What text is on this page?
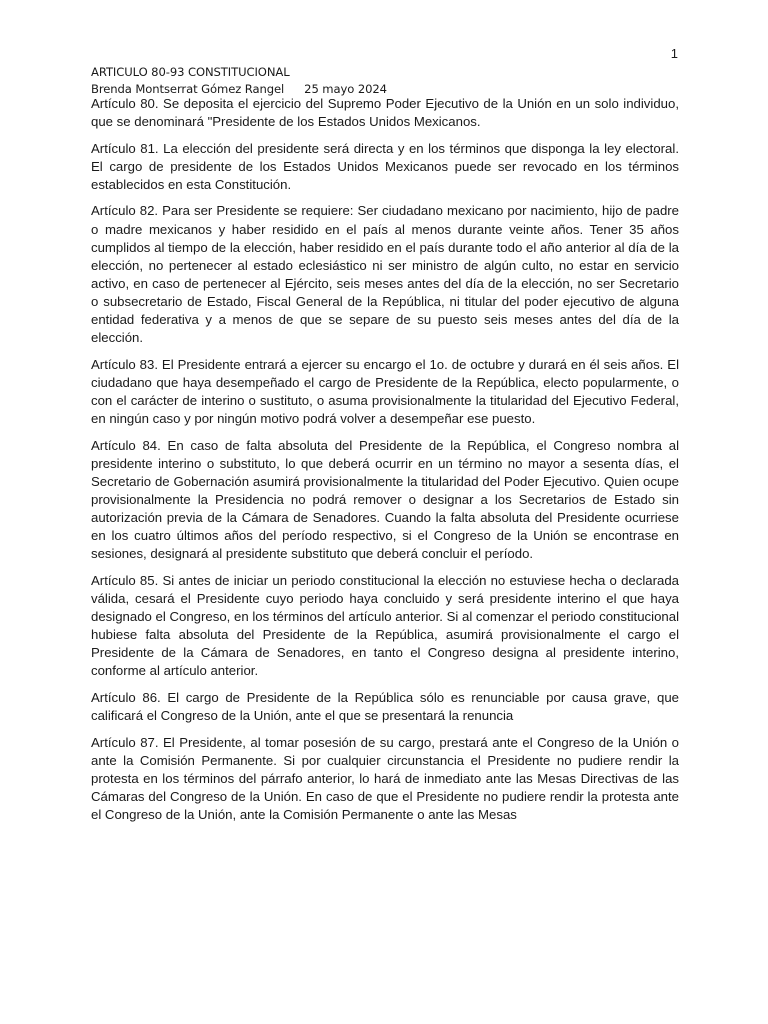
1
ARTICULO 80-93 CONSTITUCIONAL
Brenda Montserrat Gómez Rangel 25 mayo 2024

Artículo 80. Se deposita el ejercicio del Supremo Poder Ejecutivo de la Unión en un solo individuo, que se denominará "Presidente de los Estados Unidos Mexicanos.

Artículo 81. La elección del presidente será directa y en los términos que disponga la ley electoral. El cargo de presidente de los Estados Unidos Mexicanos puede ser revocado en los términos establecidos en esta Constitución.

Artículo 82. Para ser Presidente se requiere: Ser ciudadano mexicano por nacimiento, hijo de padre o madre mexicanos y haber residido en el país al menos durante veinte años. Tener 35 años cumplidos al tiempo de la elección, haber residido en el país durante todo el año anterior al día de la elección, no pertenecer al estado eclesiástico ni ser ministro de algún culto, no estar en servicio activo, en caso de pertenecer al Ejército, seis meses antes del día de la elección, no ser Secretario o subsecretario de Estado, Fiscal General de la República, ni titular del poder ejecutivo de alguna entidad federativa y a menos de que se separe de su puesto seis meses antes del día de la elección.

Artículo 83. El Presidente entrará a ejercer su encargo el 1o. de octubre y durará en él seis años. El ciudadano que haya desempeñado el cargo de Presidente de la República, electo popularmente, o con el carácter de interino o sustituto, o asuma provisionalmente la titularidad del Ejecutivo Federal, en ningún caso y por ningún motivo podrá volver a desempeñar ese puesto.

Artículo 84. En caso de falta absoluta del Presidente de la República, el Congreso nombra al presidente interino o substituto, lo que deberá ocurrir en un término no mayor a sesenta días, el Secretario de Gobernación asumirá provisionalmente la titularidad del Poder Ejecutivo. Quien ocupe provisionalmente la Presidencia no podrá remover o designar a los Secretarios de Estado sin autorización previa de la Cámara de Senadores. Cuando la falta absoluta del Presidente ocurriese en los cuatro últimos años del período respectivo, si el Congreso de la Unión se encontrase en sesiones, designará al presidente substituto que deberá concluir el período.

Artículo 85. Si antes de iniciar un periodo constitucional la elección no estuviese hecha o declarada válida, cesará el Presidente cuyo periodo haya concluido y será presidente interino el que haya designado el Congreso, en los términos del artículo anterior. Si al comenzar el periodo constitucional hubiese falta absoluta del Presidente de la República, asumirá provisionalmente el cargo el Presidente de la Cámara de Senadores, en tanto el Congreso designa al presidente interino, conforme al artículo anterior.

Artículo 86. El cargo de Presidente de la República sólo es renunciable por causa grave, que calificará el Congreso de la Unión, ante el que se presentará la renuncia

Artículo 87. El Presidente, al tomar posesión de su cargo, prestará ante el Congreso de la Unión o ante la Comisión Permanente. Si por cualquier circunstancia el Presidente no pudiere rendir la protesta en los términos del párrafo anterior, lo hará de inmediato ante las Mesas Directivas de las Cámaras del Congreso de la Unión. En caso de que el Presidente no pudiere rendir la protesta ante el Congreso de la Unión, ante la Comisión Permanente o ante las Mesas
